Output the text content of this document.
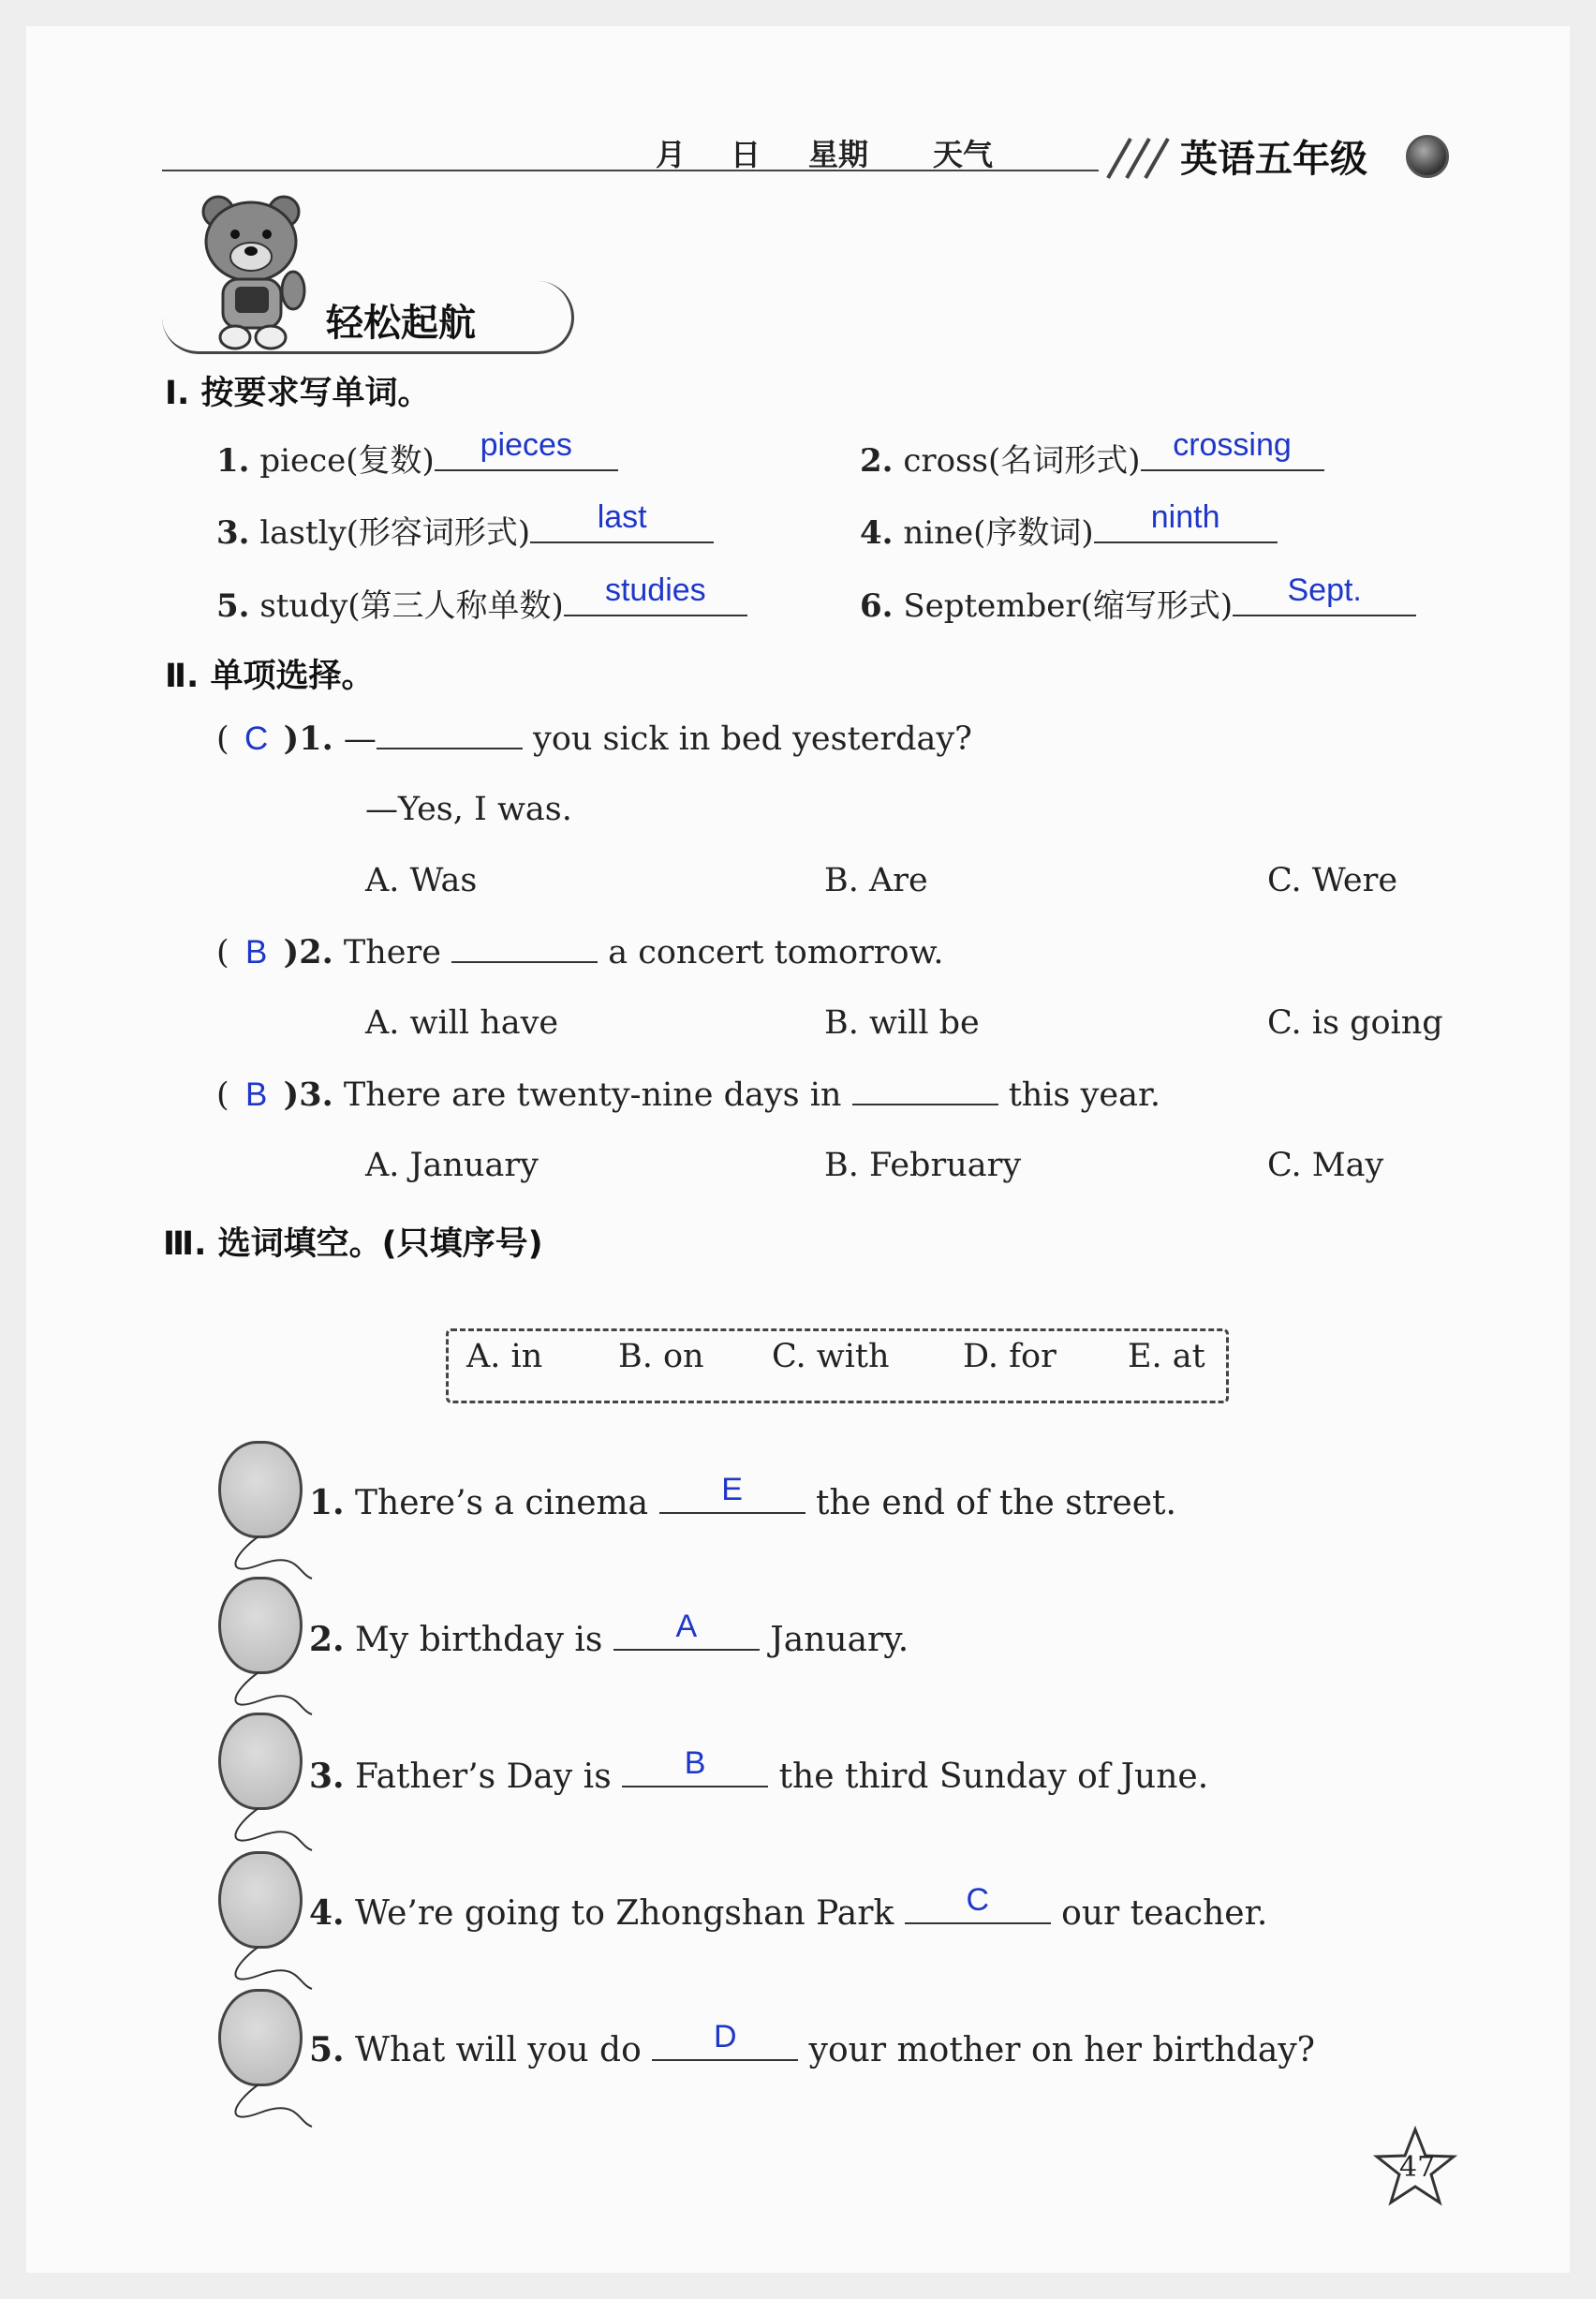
月 日 星期 天气	英语五年级
轻松起航
Ⅰ. 按要求写单词。
1. piece(复数)	pieces	2. cross(名词形式)	crossing
3. lastly(形容词形式)	last	4. nine(序数词)	ninth
5. study(第三人称单数)	studies	6. September(缩写形式)	Sept.
Ⅱ. 单项选择。
( C )1. —	you sick in bed yesterday?
—Yes, I was.
A. Was	B. Are	C. Were
( B )2. There	a concert tomorrow.
A. will have	B. will be	C. is going
( B )3. There are twenty-nine days in	this year.
A. January	B. February	C. May
Ⅲ. 选词填空。(只填序号)
A. in B. on C. with D. for E. at
1. There’s a cinema	E	the end of the street.
2. My birthday is	A	January.
3. Father’s Day is	B	the third Sunday of June.
4. We’re going to Zhongshan Park	C	our teacher.
5. What will you do	D	your mother on her birthday?
47
